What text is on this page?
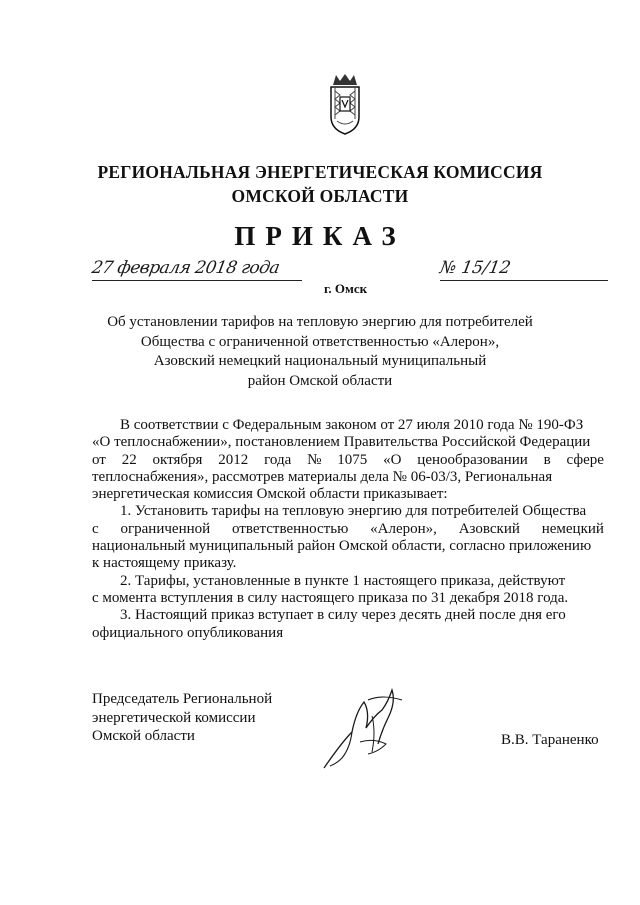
РЕГИОНАЛЬНАЯ ЭНЕРГЕТИЧЕСКАЯ КОМИССИЯ
ОМСКОЙ ОБЛАСТИ
ПРИКАЗ
27 февраля 2018 года	№ 15/12
г. Омск
Об установлении тарифов на тепловую энергию для потребителей
Общества с ограниченной ответственностью «Алерон»,
Азовский немецкий национальный муниципальный
район Омской области
В соответствии с Федеральным законом от 27 июля 2010 года № 190-ФЗ
«О теплоснабжении», постановлением Правительства Российской Федерации
от 22 октября 2012 года № 1075 «О ценообразовании в сфере
теплоснабжения», рассмотрев материалы дела № 06-03/3, Региональная
энергетическая комиссия Омской области приказывает:
1. Установить тарифы на тепловую энергию для потребителей Общества
с ограниченной ответственностью «Алерон», Азовский немецкий
национальный муниципальный район Омской области, согласно приложению
к настоящему приказу.
2. Тарифы, установленные в пункте 1 настоящего приказа, действуют
с момента вступления в силу настоящего приказа по 31 декабря 2018 года.
3. Настоящий приказ вступает в силу через десять дней после дня его
официального опубликования
Председатель Региональной
энергетической комиссии
Омской области	В.В. Тараненко
